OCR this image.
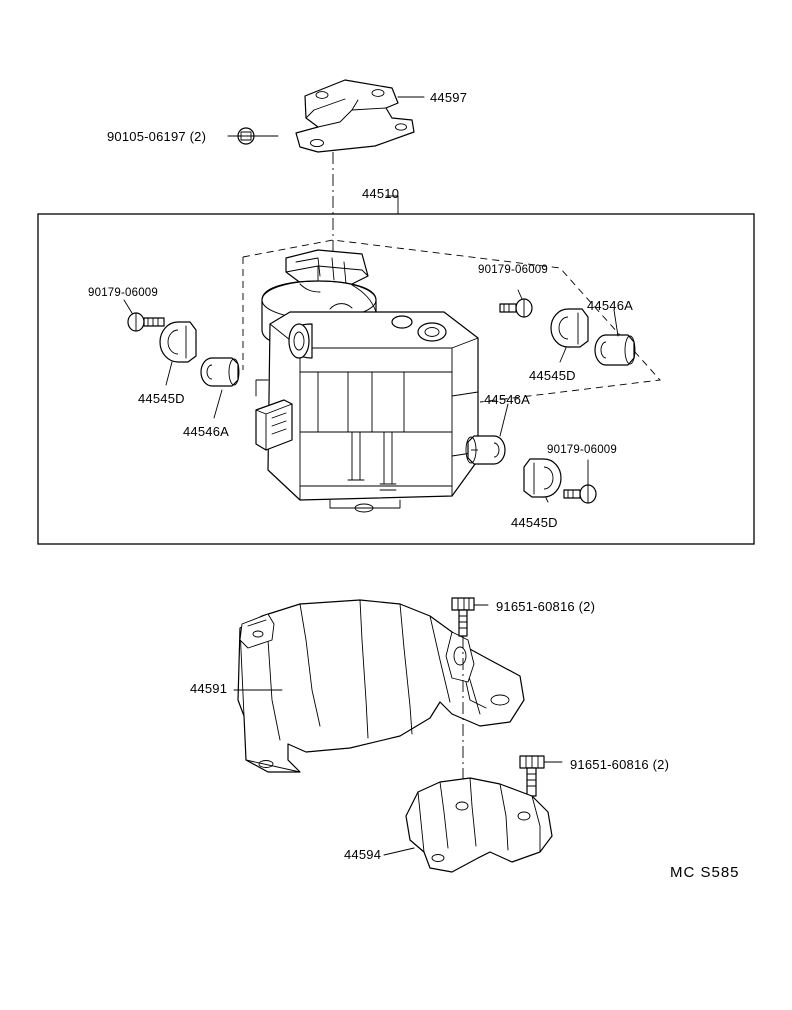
44597
90105-06197 (2)
44510
90179-06009
90179-06009
44546A
44545D
44545D
44546A
44546A
90179-06009
44545D
91651-60816 (2)
44591
91651-60816 (2)
44594
MC S585
